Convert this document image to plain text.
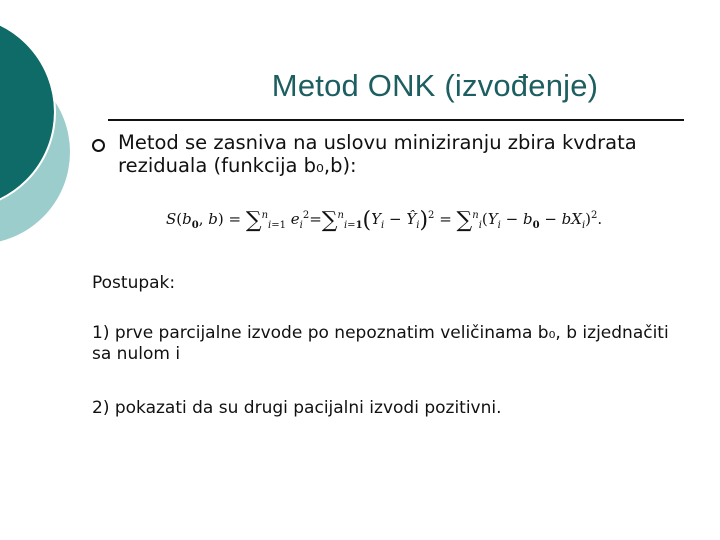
Metod ONK (izvođenje)
Metod se zasniva na uslovu miniziranju zbira kvdrata reziduala (funkcija b₀,b):
$S(b_0$, b) = ∑$^n_{i=1}$ $e_i^2=\sum^n_{i=1}(Y_i$ − $Ŷ_i)^2 = \sum^n_i(Y_i - b_0 - bX_i)^2$.
Postupak:
1) prve parcijalne izvode po nepoznatim veličinama b₀, b izjednačiti sa nulom i
2) pokazati da su drugi pacijalni izvodi pozitivni.
